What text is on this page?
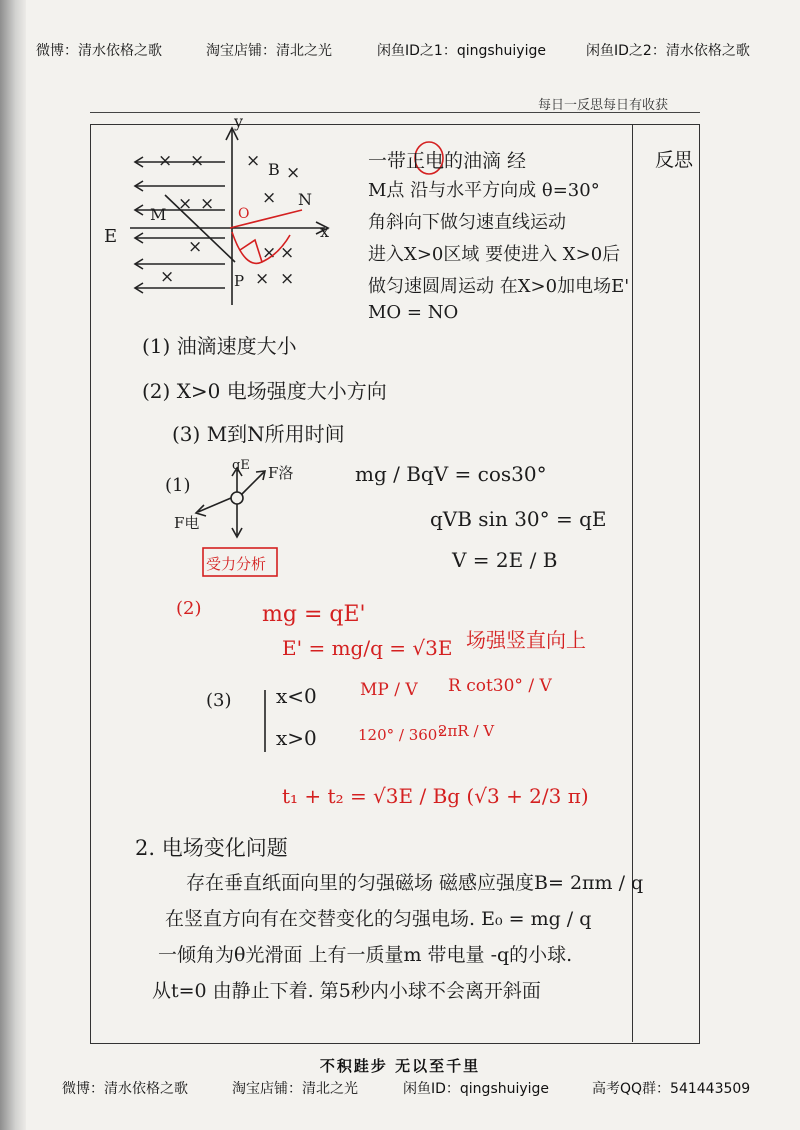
微博：清水依格之歌	淘宝店铺：清北之光	闲鱼ID之1：qingshuiyige	闲鱼ID之2：清水依格之歌
每日一反思每日有收获
反思
× × ×
×
× ×	×
×	× ×
×	× ×
y
x
E
B
M
N
O
P
一带正电的油滴 经
M点 沿与水平方向成 θ=30°
角斜向下做匀速直线运动
进入X>0区域 要使进入 X>0后
做匀速圆周运动 在X>0加电场E'
MO = NO
(1) 油滴速度大小
(2) X>0 电场强度大小方向
(3) M到N所用时间
(1)
qE F洛
F电
mg / BqV = cos30°
qVB sin 30° = qE
V = 2E / B
受力分析
(2)	mg = qE'
E' = mg/q = √3E 场强竖直向上
(3) x<0	MP / V R cot30° / V
x>0	120° / 360°
2πR / V
t₁ + t₂ = √3E / Bg (√3 + 2/3 π)
2. 电场变化问题
存在垂直纸面向里的匀强磁场 磁感应强度B= 2πm / q
在竖直方向有在交替变化的匀强电场. E₀ = mg / q
一倾角为θ光滑面 上有一质量m 带电量 -q的小球.
从t=0 由静止下着. 第5秒内小球不会离开斜面
不积跬步 无以至千里
微博：清水依格之歌	淘宝店铺：清北之光	闲鱼ID：qingshuiyige	高考QQ群：541443509
